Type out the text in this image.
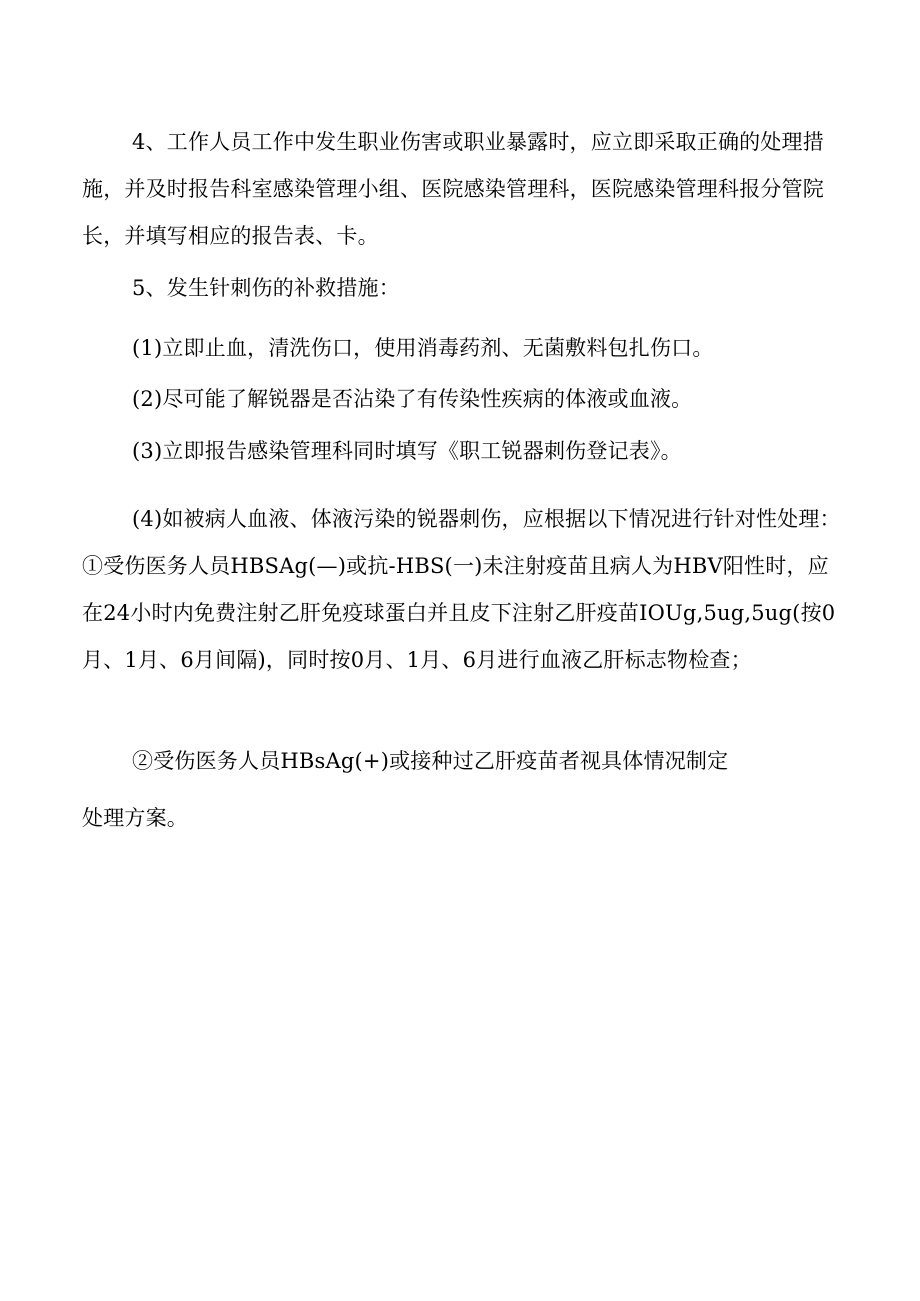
4、工作人员工作中发生职业伤害或职业暴露时，应立即采取正确的处理措施，并及时报告科室感染管理小组、医院感染管理科，医院感染管理科报分管院长，并填写相应的报告表、卡。

5、发生针刺伤的补救措施：

(1)立即止血，清洗伤口，使用消毒药剂、无菌敷料包扎伤口。

(2)尽可能了解锐器是否沾染了有传染性疾病的体液或血液。

(3)立即报告感染管理科同时填写《职工锐器刺伤登记表》。

(4)如被病人血液、体液污染的锐器刺伤，应根据以下情况进行针对性处理：①受伤医务人员HBSAg(—)或抗-HBS(一)未注射疫苗且病人为HBV阳性时，应在24小时内免费注射乙肝免疫球蛋白并且皮下注射乙肝疫苗IOUg,5ug,5ug(按0月、1月、6月间隔)，同时按0月、1月、6月进行血液乙肝标志物检查；

②受伤医务人员HBsAg(+)或接种过乙肝疫苗者视具体情况制定

处理方案。
